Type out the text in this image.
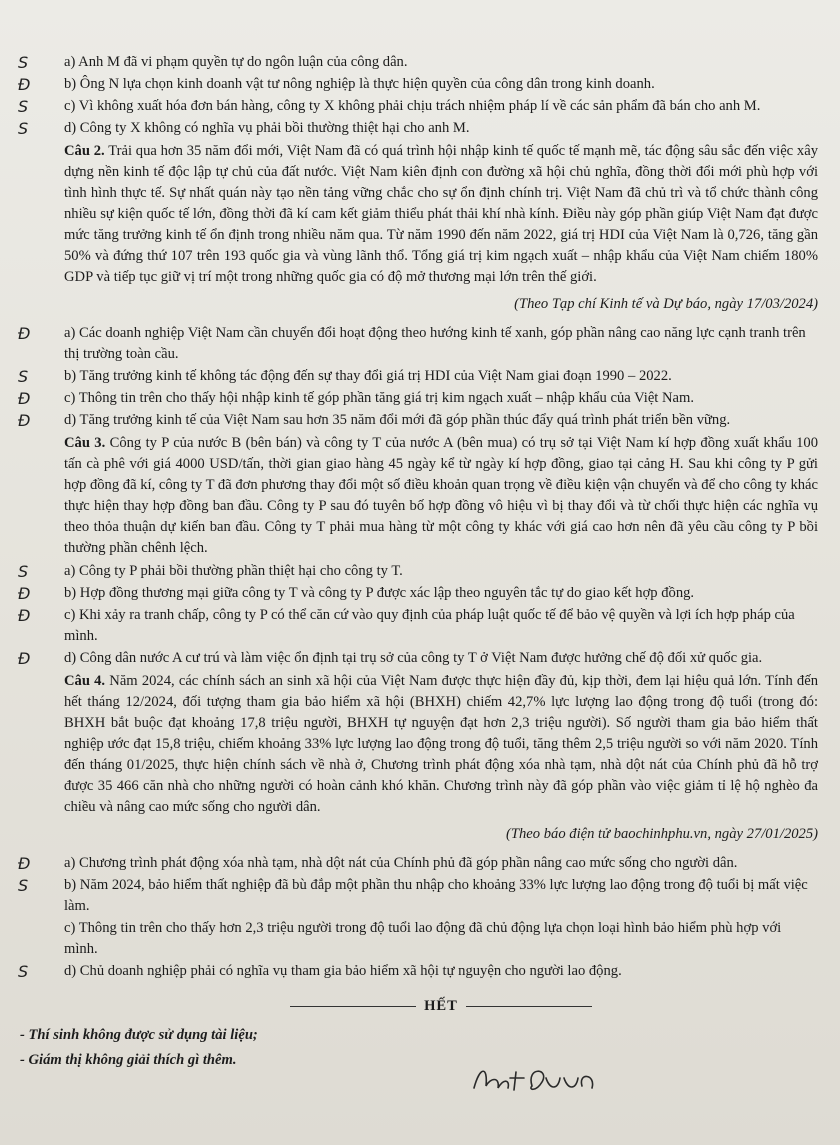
S	a) Anh M đã vi phạm quyền tự do ngôn luận của công dân.

Đ	b) Ông N lựa chọn kinh doanh vật tư nông nghiệp là thực hiện quyền của công dân trong kinh doanh.

S	c) Vì không xuất hóa đơn bán hàng, công ty X không phải chịu trách nhiệm pháp lí về các sản phẩm đã bán cho anh M.

S	d) Công ty X không có nghĩa vụ phải bồi thường thiệt hại cho anh M.

Câu 2. Trải qua hơn 35 năm đổi mới, Việt Nam đã có quá trình hội nhập kinh tế quốc tế mạnh mẽ, tác động sâu sắc đến việc xây dựng nền kinh tế độc lập tự chủ của đất nước. Việt Nam kiên định con đường xã hội chủ nghĩa, đồng thời đổi mới phù hợp với tình hình thực tế. Sự nhất quán này tạo nền tảng vững chắc cho sự ổn định chính trị. Việt Nam đã chủ trì và tổ chức thành công nhiều sự kiện quốc tế lớn, đồng thời đã kí cam kết giảm thiểu phát thải khí nhà kính. Điều này góp phần giúp Việt Nam đạt được mức tăng trưởng kinh tế ổn định trong nhiều năm qua. Từ năm 1990 đến năm 2022, giá trị HDI của Việt Nam là 0,726, tăng gần 50% và đứng thứ 107 trên 193 quốc gia và vùng lãnh thổ. Tổng giá trị kim ngạch xuất – nhập khẩu của Việt Nam chiếm 180% GDP và tiếp tục giữ vị trí một trong những quốc gia có độ mở thương mại lớn trên thế giới.

(Theo Tạp chí Kinh tế và Dự báo, ngày 17/03/2024)

Đ	a) Các doanh nghiệp Việt Nam cần chuyển đổi hoạt động theo hướng kinh tế xanh, góp phần nâng cao năng lực cạnh tranh trên thị trường toàn cầu.

S	b) Tăng trưởng kinh tế không tác động đến sự thay đổi giá trị HDI của Việt Nam giai đoạn 1990 – 2022.

Đ	c) Thông tin trên cho thấy hội nhập kinh tế góp phần tăng giá trị kim ngạch xuất – nhập khẩu của Việt Nam.

Đ	d) Tăng trưởng kinh tế của Việt Nam sau hơn 35 năm đổi mới đã góp phần thúc đẩy quá trình phát triển bền vững.

Câu 3. Công ty P của nước B (bên bán) và công ty T của nước A (bên mua) có trụ sở tại Việt Nam kí hợp đồng xuất khẩu 100 tấn cà phê với giá 4000 USD/tấn, thời gian giao hàng 45 ngày kể từ ngày kí hợp đồng, giao tại cảng H. Sau khi công ty P gửi hợp đồng đã kí, công ty T đã đơn phương thay đổi một số điều khoản quan trọng về điều kiện vận chuyển và để cho công ty khác thực hiện thay hợp đồng ban đầu. Công ty P sau đó tuyên bố hợp đồng vô hiệu vì bị thay đổi và từ chối thực hiện các nghĩa vụ theo thỏa thuận dự kiến ban đầu. Công ty T phải mua hàng từ một công ty khác với giá cao hơn nên đã yêu cầu công ty P bồi thường phần chênh lệch.

S	a) Công ty P phải bồi thường phần thiệt hại cho công ty T.

Đ	b) Hợp đồng thương mại giữa công ty T và công ty P được xác lập theo nguyên tắc tự do giao kết hợp đồng.

Đ	c) Khi xảy ra tranh chấp, công ty P có thể căn cứ vào quy định của pháp luật quốc tế để bảo vệ quyền và lợi ích hợp pháp của mình.

Đ	d) Công dân nước A cư trú và làm việc ổn định tại trụ sở của công ty T ở Việt Nam được hưởng chế độ đối xử quốc gia.

Câu 4. Năm 2024, các chính sách an sinh xã hội của Việt Nam được thực hiện đầy đủ, kịp thời, đem lại hiệu quả lớn. Tính đến hết tháng 12/2024, đối tượng tham gia bảo hiểm xã hội (BHXH) chiếm 42,7% lực lượng lao động trong độ tuổi (trong đó: BHXH bắt buộc đạt khoảng 17,8 triệu người, BHXH tự nguyện đạt hơn 2,3 triệu người). Số người tham gia bảo hiểm thất nghiệp ước đạt 15,8 triệu, chiếm khoảng 33% lực lượng lao động trong độ tuổi, tăng thêm 2,5 triệu người so với năm 2020. Tính đến tháng 01/2025, thực hiện chính sách về nhà ở, Chương trình phát động xóa nhà tạm, nhà dột nát của Chính phủ đã hỗ trợ được 35 466 căn nhà cho những người có hoàn cảnh khó khăn. Chương trình này đã góp phần vào việc giảm tỉ lệ hộ nghèo đa chiều và nâng cao mức sống cho người dân.

(Theo báo điện tử baochinhphu.vn, ngày 27/01/2025)

Đ	a) Chương trình phát động xóa nhà tạm, nhà dột nát của Chính phủ đã góp phần nâng cao mức sống cho người dân.

S	b) Năm 2024, bảo hiểm thất nghiệp đã bù đắp một phần thu nhập cho khoảng 33% lực lượng lao động trong độ tuổi bị mất việc làm.

c) Thông tin trên cho thấy hơn 2,3 triệu người trong độ tuổi lao động đã chủ động lựa chọn loại hình bảo hiểm phù hợp với mình.

S	d) Chủ doanh nghiệp phải có nghĩa vụ tham gia bảo hiểm xã hội tự nguyện cho người lao động.

HẾT

- Thí sinh không được sử dụng tài liệu;

- Giám thị không giải thích gì thêm.
